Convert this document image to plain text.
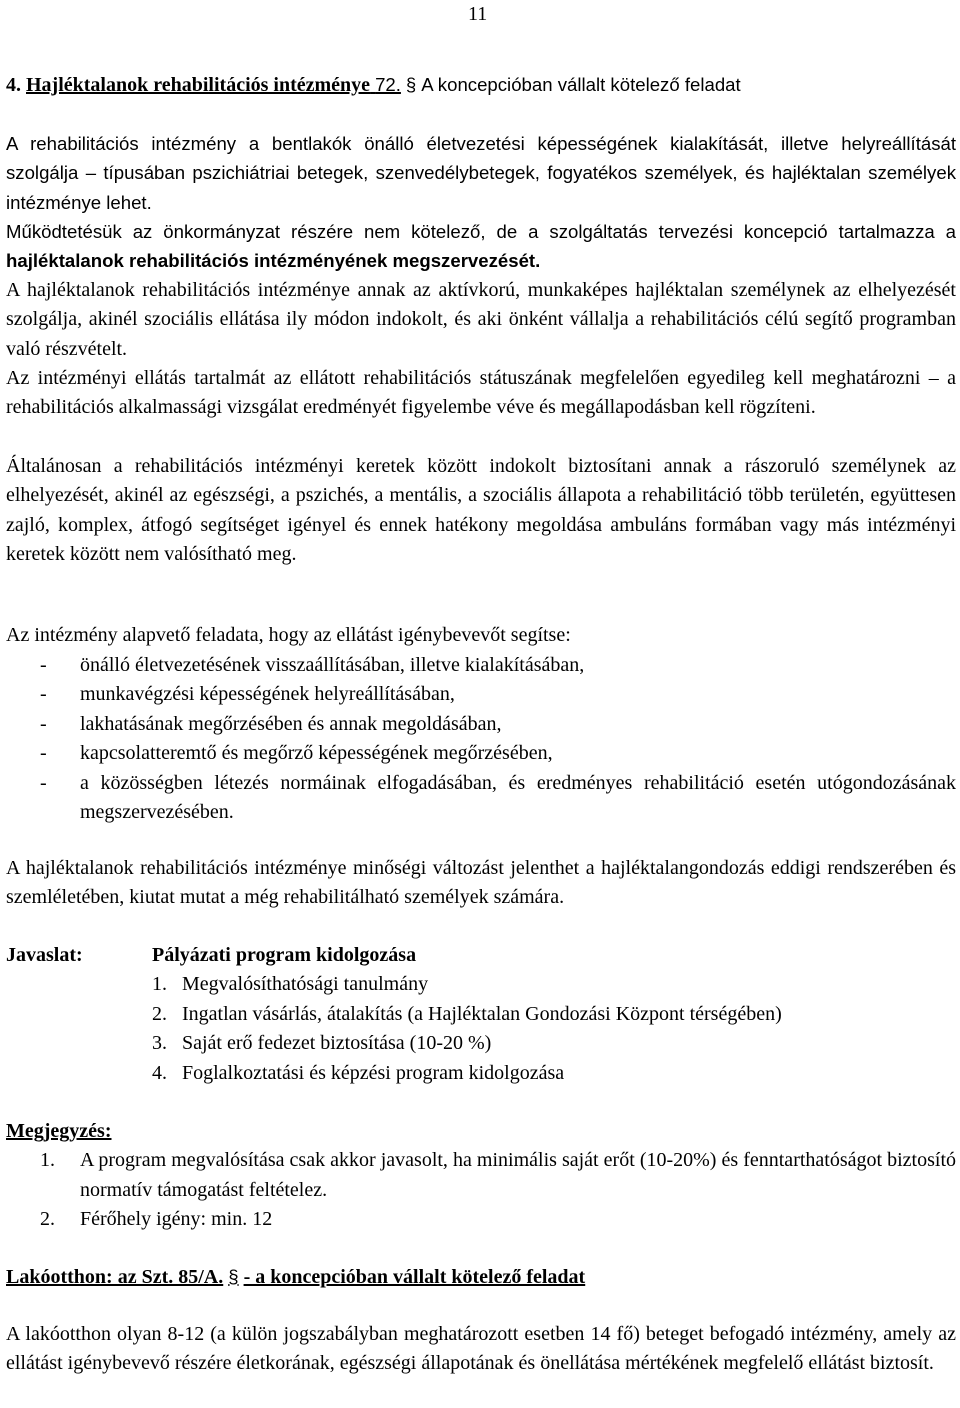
11
4. Hajléktalanok rehabilitációs intézménye 72. § A koncepcióban vállalt kötelező feladat

A rehabilitációs intézmény a bentlakók önálló életvezetési képességének kialakítását, illetve helyreállítását szolgálja – típusában pszichiátriai betegek, szenvedélybetegek, fogyatékos személyek, és hajléktalan személyek intézménye lehet.

Működtetésük az önkormányzat részére nem kötelező, de a szolgáltatás tervezési koncepció tartalmazza a hajléktalanok rehabilitációs intézményének megszervezését.

A hajléktalanok rehabilitációs intézménye annak az aktívkorú, munkaképes hajléktalan személynek az elhelyezését szolgálja, akinél szociális ellátása ily módon indokolt, és aki önként vállalja a rehabilitációs célú segítő programban való részvételt.

Az intézményi ellátás tartalmát az ellátott rehabilitációs státuszának megfelelően egyedileg kell meghatározni – a rehabilitációs alkalmassági vizsgálat eredményét figyelembe véve és megállapodásban kell rögzíteni.

Általánosan a rehabilitációs intézményi keretek között indokolt biztosítani annak a rászoruló személynek az elhelyezését, akinél az egészségi, a pszichés, a mentális, a szociális állapota a rehabilitáció több területén, együttesen zajló, komplex, átfogó segítséget igényel és ennek hatékony megoldása ambuláns formában vagy más intézményi keretek között nem valósítható meg.

Az intézmény alapvető feladata, hogy az ellátást igénybevevőt segítse:

-	önálló életvezetésének visszaállításában, illetve kialakításában,
-	munkavégzési képességének helyreállításában,
-	lakhatásának megőrzésében és annak megoldásában,
-	kapcsolatteremtő és megőrző képességének megőrzésében,
-	a közösségben létezés normáinak elfogadásában, és eredményes rehabilitáció esetén utógondozásának megszervezésében.

A hajléktalanok rehabilitációs intézménye minőségi változást jelenthet a hajléktalangondozás eddigi rendszerében és szemléletében, kiutat mutat a még rehabilitálható személyek számára.

Javaslat:	Pályázati program kidolgozása
1. Megvalósíthatósági tanulmány
2. Ingatlan vásárlás, átalakítás (a Hajléktalan Gondozási Központ térségében)
3. Saját erő fedezet biztosítása (10-20 %)
4. Foglalkoztatási és képzési program kidolgozása
Megjegyzés:
1.	A program megvalósítása csak akkor javasolt, ha minimális saját erőt (10-20%) és fenntarthatóságot biztosító normatív támogatást feltételez.
2.	Férőhely igény: min. 12
Lakóotthon: az Szt. 85/A. § - a koncepcióban vállalt kötelező feladat

A lakóotthon olyan 8-12 (a külön jogszabályban meghatározott esetben 14 fő) beteget befogadó intézmény, amely az ellátást igénybevevő részére életkorának, egészségi állapotának és önellátása mértékének megfelelő ellátást biztosít.
